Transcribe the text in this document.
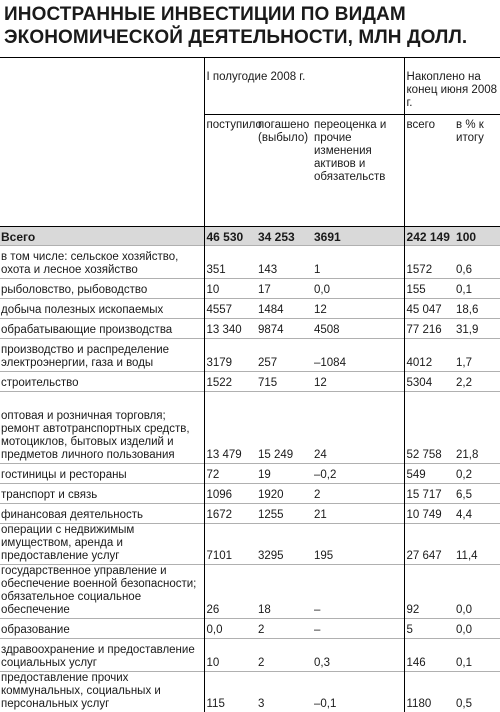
ИНОСТРАННЫЕ ИНВЕСТИЦИИ ПО ВИДАМ ЭКОНОМИЧЕСКОЙ ДЕЯТЕЛЬНОСТИ, МЛН ДОЛЛ.
	I полугодие 2008 г.			Накоплено на конец июня 2008 г.	
	поступило	погашено (выбыло)	переоценка и прочие изменения активов и обязательств	всего	в % к итогу
Всего	46 530	34 253	3691	242 149	100
в том числе: сельское хозяйство, охота и лесное хозяйство	351	143	1	1572	0,6
рыболовство, рыбоводство	10	17	0,0	155	0,1
добыча полезных ископаемых	4557	1484	12	45 047	18,6
обрабатывающие производства	13 340	9874	4508	77 216	31,9
производство и распределение электроэнергии, газа и воды	3179	257	–1084	4012	1,7
строительство	1522	715	12	5304	2,2
оптовая и розничная торговля; ремонт автотранспортных средств, мотоциклов, бытовых изделий и предметов личного пользования	13 479	15 249	24	52 758	21,8
гостиницы и рестораны	72	19	–0,2	549	0,2
транспорт и связь	1096	1920	2	15 717	6,5
финансовая деятельность	1672	1255	21	10 749	4,4
операции с недвижимым имуществом, аренда и предоставление услуг	7101	3295	195	27 647	11,4
государственное управление и обеспечение военной безопасности; обязательное социальное обеспечение	26	18	–	92	0,0
образование	0,0	2	–	5	0,0
здравоохранение и предоставление социальных услуг	10	2	0,3	146	0,1
предоставление прочих коммунальных, социальных и персональных услуг	115	3	–0,1	1180	0,5
